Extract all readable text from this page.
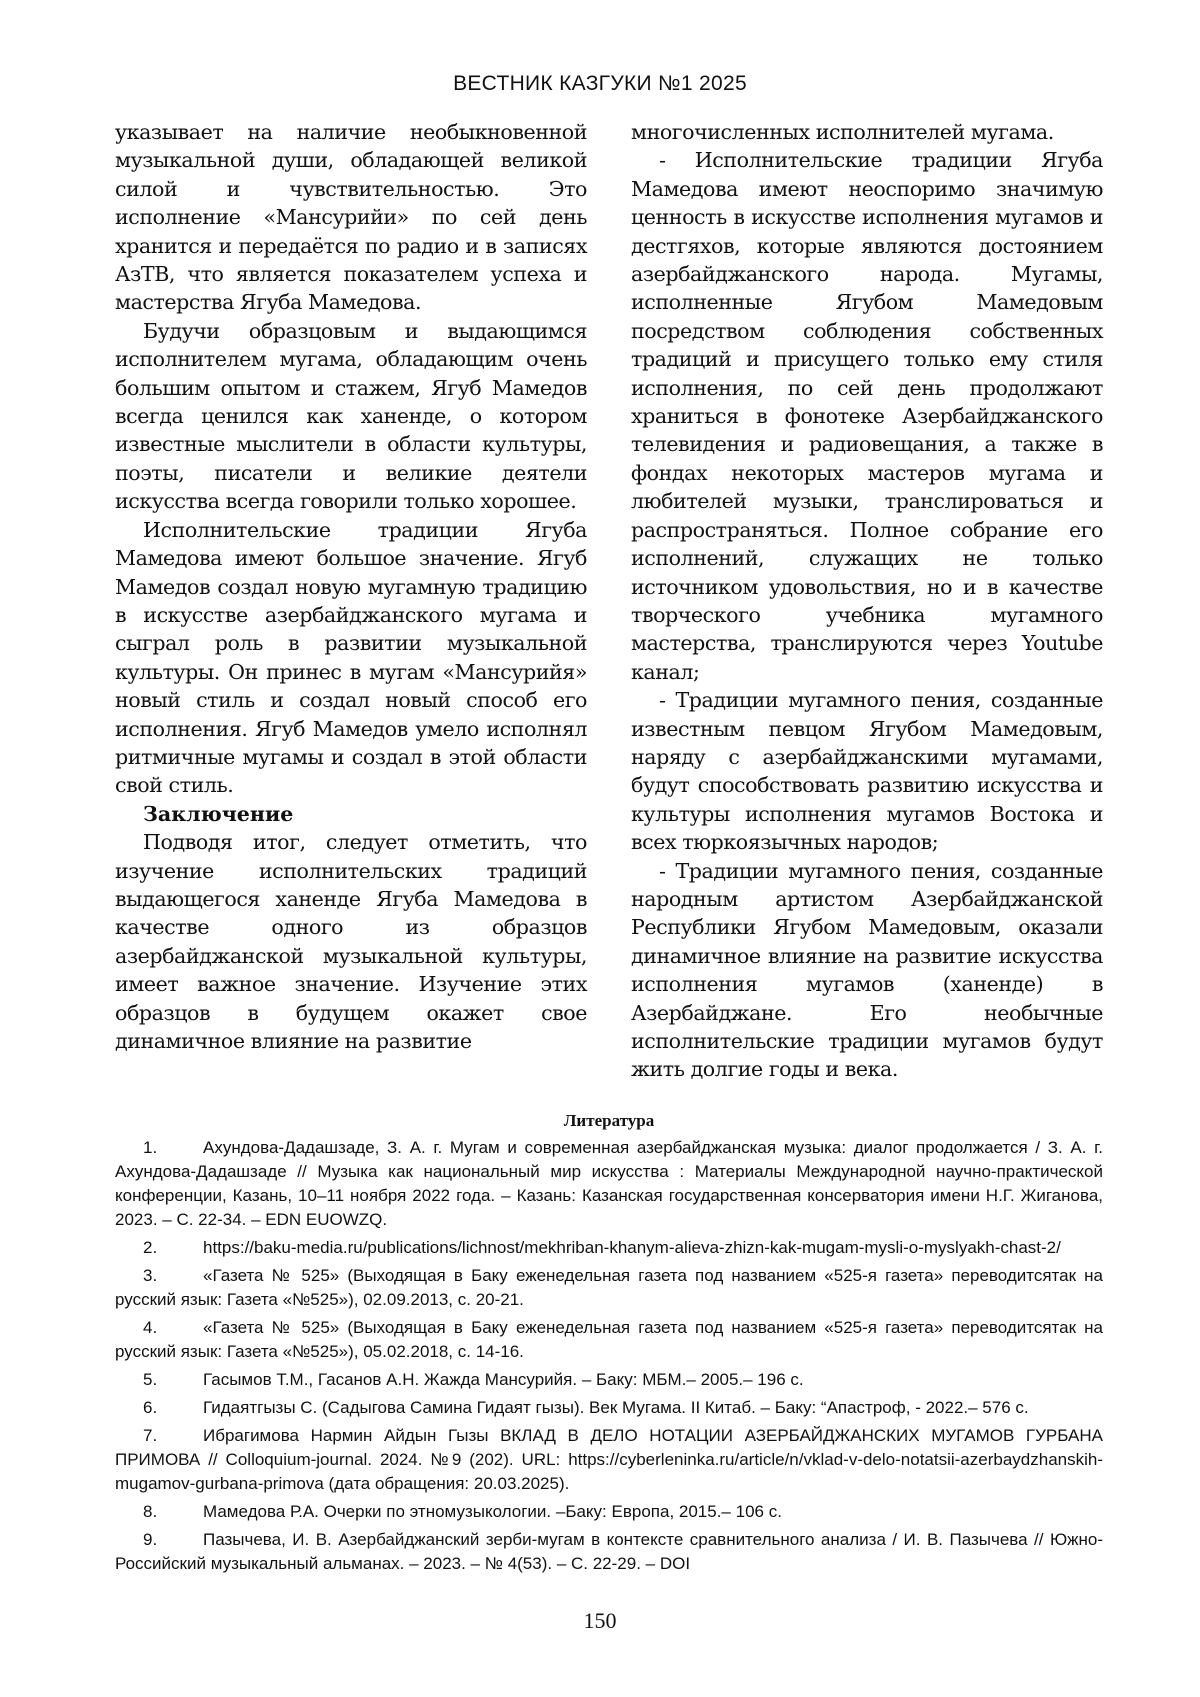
ВЕСТНИК КАЗГУКИ №1 2025

указывает на наличие необыкновенной музыкальной души, обладающей великой силой и чувствительностью. Это исполнение «Мансурийи» по сей день хранится и передаётся по радио и в записях АзТВ, что является показателем успеха и мастерства Ягуба Мамедова.

Будучи образцовым и выдающимся исполнителем мугама, обладающим очень большим опытом и стажем, Ягуб Мамедов всегда ценился как ханенде, о котором известные мыслители в области культуры, поэты, писатели и великие деятели искусства всегда говорили только хорошее.

Исполнительские традиции Ягуба Мамедова имеют большое значение. Ягуб Мамедов создал новую мугамную традицию в искусстве азербайджанского мугама и сыграл роль в развитии музыкальной культуры. Он принес в мугам «Мансурийя» новый стиль и создал новый способ его исполнения. Ягуб Мамедов умело исполнял ритмичные мугамы и создал в этой области свой стиль.

Заключение

Подводя итог, следует отметить, что изучение исполнительских традиций выдающегося ханенде Ягуба Мамедова в качестве одного из образцов азербайджанской музыкальной культуры, имеет важное значение. Изучение этих образцов в будущем окажет свое динамичное влияние на развитие

многочисленных исполнителей мугама.

- Исполнительские традиции Ягуба Мамедова имеют неоспоримо значимую ценность в искусстве исполнения мугамов и дестгяхов, которые являются достоянием азербайджанского народа. Мугамы, исполненные Ягубом Мамедовым посредством соблюдения собственных традиций и присущего только ему стиля исполнения, по сей день продолжают храниться в фонотеке Азербайджанского телевидения и радиовещания, а также в фондах некоторых мастеров мугама и любителей музыки, транслироваться и распространяться. Полное собрание его исполнений, служащих не только источником удовольствия, но и в качестве творческого учебника мугамного мастерства, транслируются через Youtube канал;

- Традиции мугамного пения, созданные известным певцом Ягубом Мамедовым, наряду с азербайджанскими мугамами, будут способствовать развитию искусства и культуры исполнения мугамов Востока и всех тюркоязычных народов;

- Традиции мугамного пения, созданные народным артистом Азербайджанской Республики Ягубом Мамедовым, оказали динамичное влияние на развитие искусства исполнения мугамов (ханенде) в Азербайджане. Его необычные исполнительские традиции мугамов будут жить долгие годы и века.

Литература

1.	Ахундова-Дадашзаде, З. А. г. Мугам и современная азербайджанская музыка: диалог продолжается / З. А. г. Ахундова-Дадашзаде // Музыка как национальный мир искусства : Материалы Международной научно-практической конференции, Казань, 10–11 ноября 2022 года. – Казань: Казанская государственная консерватория имени Н.Г. Жиганова, 2023. – С. 22-34. – EDN EUOWZQ.

2.	https://baku-media.ru/publications/lichnost/mekhriban-khanym-alieva-zhizn-kak-mugam-mysli-o-myslyakh-chast-2/

3.	«Газета № 525» (Выходящая в Баку еженедельная газета под названием «525-я газета» переводитсятак на русский язык: Газета «№525»), 02.09.2013, с. 20-21.

4.	«Газета № 525» (Выходящая в Баку еженедельная газета под названием «525-я газета» переводитсятак на русский язык: Газета «№525»), 05.02.2018, с. 14-16.

5.	Гасымов Т.М., Гасанов А.Н. Жажда Мансурийя. – Баку: МБМ.– 2005.– 196 с.

6.	Гидаятгызы С. (Садыгова Самина Гидаят гызы). Век Мугама. II Китаб. – Баку: “Апастроф, - 2022.– 576 с.

7.	Ибрагимова Нармин Айдын Гызы ВКЛАД В ДЕЛО НОТАЦИИ АЗЕРБАЙДЖАНСКИХ МУГАМОВ ГУРБАНА ПРИМОВА // Colloquium-journal. 2024. №9 (202). URL: https://cyberleninka.ru/article/n/vklad-v-delo-notatsii-azerbaydzhanskih-mugamov-gurbana-primova (дата обращения: 20.03.2025).

8.	Мамедова Р.А. Очерки по этномузыкологии. –Баку: Европа, 2015.– 106 с.

9.	Пазычева, И. В. Азербайджанский зерби-мугам в контексте сравнительного анализа / И. В. Пазычева // Южно-Российский музыкальный альманах. – 2023. – № 4(53). – С. 22-29. – DOI

150
